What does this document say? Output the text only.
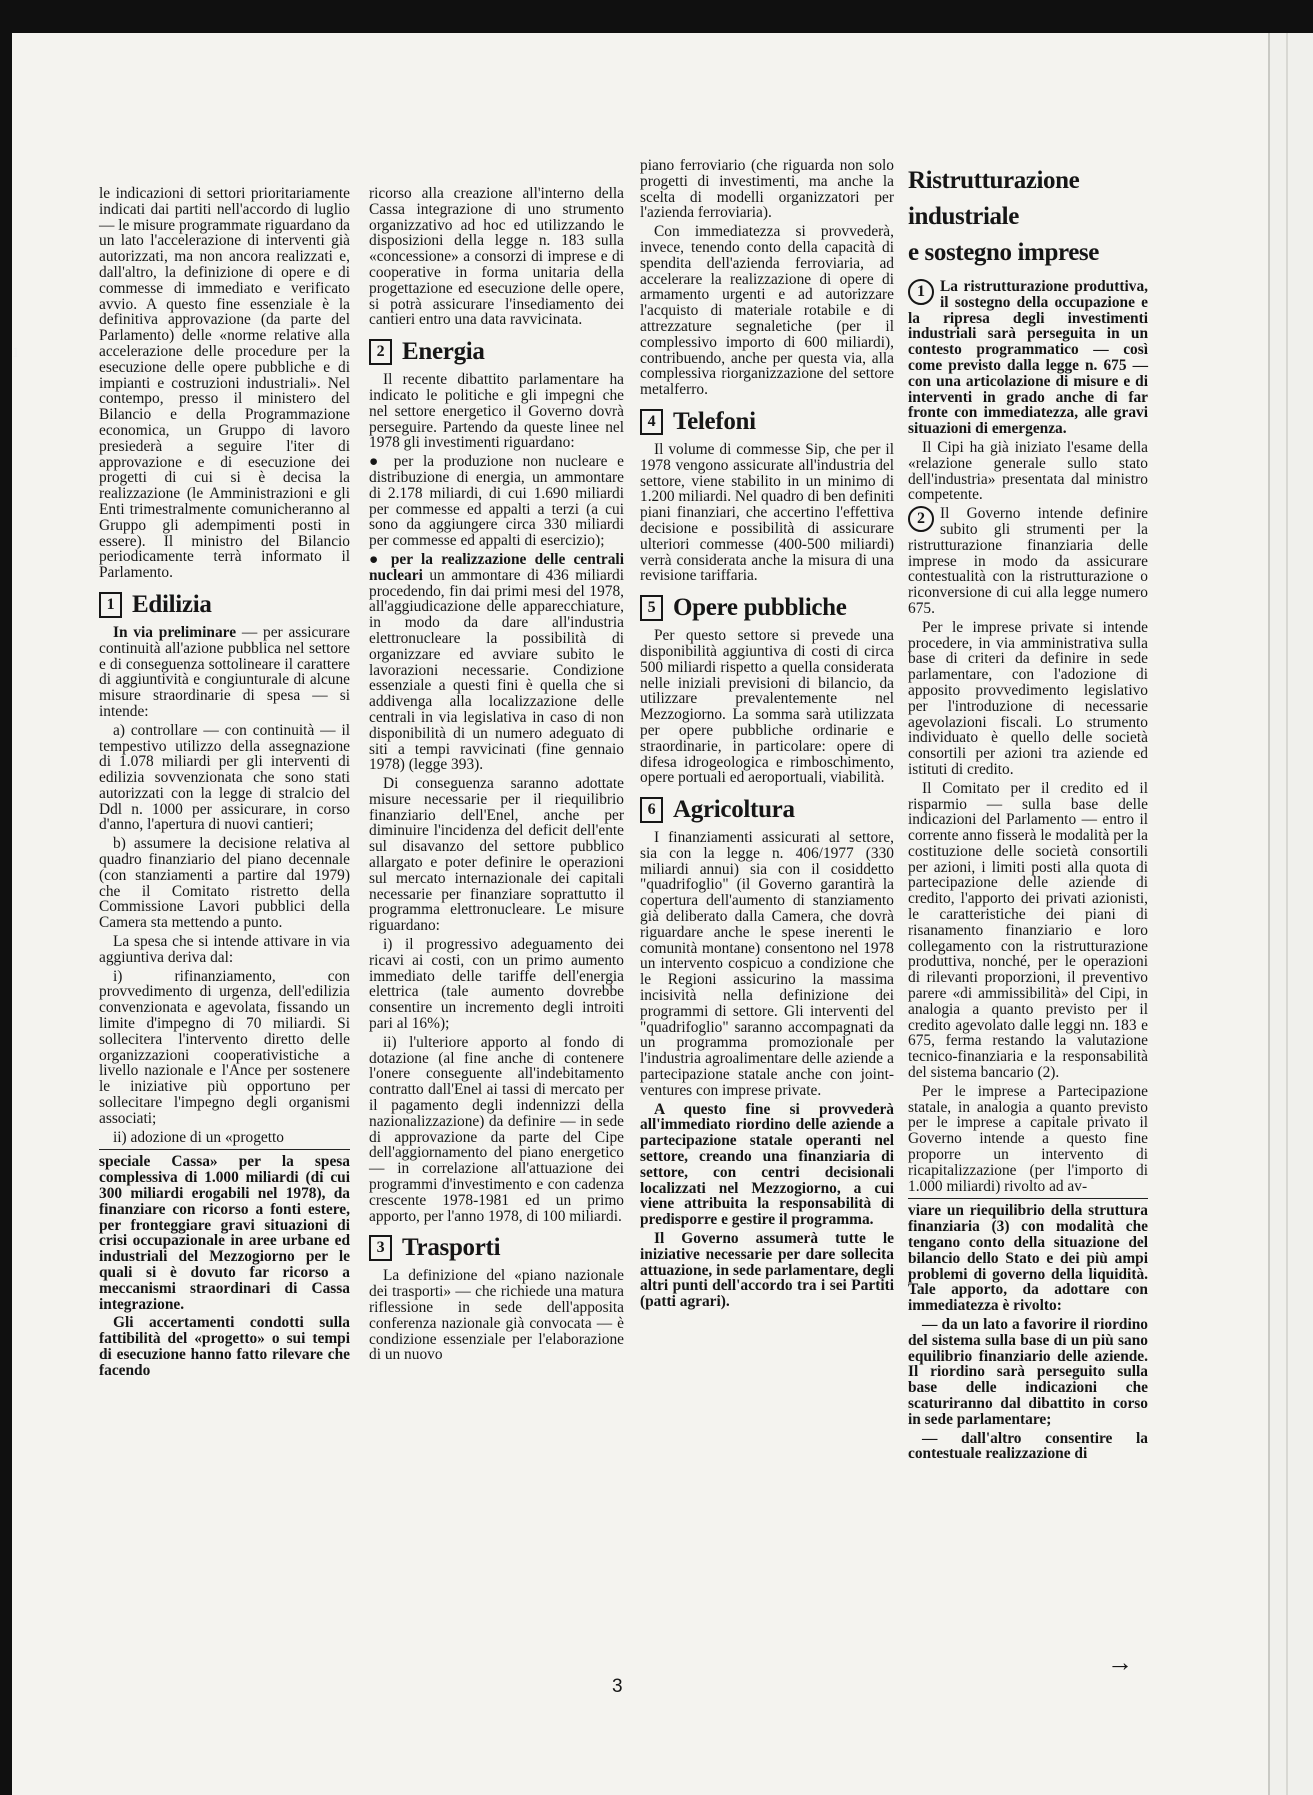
1

le indicazioni di settori prioritariamente indicati dai partiti nell'accordo di luglio — le misure programmate riguardano da un lato l'accelerazione di interventi già autorizzati, ma non ancora realizzati e, dall'altro, la definizione di opere e di commesse di immediato e verificato avvio. A questo fine essenziale è la definitiva approvazione (da parte del Parlamento) delle «norme relative alla accelerazione delle procedure per la esecuzione delle opere pubbliche e di impianti e costruzioni industriali». Nel contempo, presso il ministero del Bilancio e della Programmazione economica, un Gruppo di lavoro presiederà a seguire l'iter di approvazione e di esecuzione dei progetti di cui si è decisa la realizzazione (le Amministrazioni e gli Enti trimestralmente comunicheranno al Gruppo gli adempimenti posti in essere). Il ministro del Bilancio periodicamente terrà informato il Parlamento.

1 Edilizia

In via preliminare — per assicurare continuità all'azione pubblica nel settore e di conseguenza sottolineare il carattere di aggiuntività e congiunturale di alcune misure straordinarie di spesa — si intende:

a) controllare — con continuità — il tempestivo utilizzo della assegnazione di 1.078 miliardi per gli interventi di edilizia sovvenzionata che sono stati autorizzati con la legge di stralcio del Ddl n. 1000 per assicurare, in corso d'anno, l'apertura di nuovi cantieri;

b) assumere la decisione relativa al quadro finanziario del piano decennale (con stanziamenti a partire dal 1979) che il Comitato ristretto della Commissione Lavori pubblici della Camera sta mettendo a punto.

La spesa che si intende attivare in via aggiuntiva deriva dal:

i) rifinanziamento, con provvedimento di urgenza, dell'edilizia convenzionata e agevolata, fissando un limite d'impegno di 70 miliardi. Si sollecitera l'intervento diretto delle organizzazioni cooperativistiche a livello nazionale e l'Ance per sostenere le iniziative più opportuno per sollecitare l'impegno degli organismi associati;

ii) adozione di un «progetto

speciale Cassa» per la spesa complessiva di 1.000 miliardi (di cui 300 miliardi erogabili nel 1978), da finanziare con ricorso a fonti estere, per fronteggiare gravi situazioni di crisi occupazionale in aree urbane ed industriali del Mezzogiorno per le quali si è dovuto far ricorso a meccanismi straordinari di Cassa integrazione.

Gli accertamenti condotti sulla fattibilità del «progetto» o sui tempi di esecuzione hanno fatto rilevare che facendo

ricorso alla creazione all'interno della Cassa integrazione di uno strumento organizzativo ad hoc ed utilizzando le disposizioni della legge n. 183 sulla «concessione» a consorzi di imprese e di cooperative in forma unitaria della progettazione ed esecuzione delle opere, si potrà assicurare l'insediamento dei cantieri entro una data ravvicinata.

2 Energia

Il recente dibattito parlamentare ha indicato le politiche e gli impegni che nel settore energetico il Governo dovrà perseguire. Partendo da queste linee nel 1978 gli investimenti riguardano:

● per la produzione non nucleare e distribuzione di energia, un ammontare di 2.178 miliardi, di cui 1.690 miliardi per commesse ed appalti a terzi (a cui sono da aggiungere circa 330 miliardi per commesse ed appalti di esercizio);

● per la realizzazione delle centrali nucleari un ammontare di 436 miliardi procedendo, fin dai primi mesi del 1978, all'aggiudicazione delle apparecchiature, in modo da dare all'industria elettronucleare la possibilità di organizzare ed avviare subito le lavorazioni necessarie. Condizione essenziale a questi fini è quella che si addivenga alla localizzazione delle centrali in via legislativa in caso di non disponibilità di un numero adeguato di siti a tempi ravvicinati (fine gennaio 1978) (legge 393).

Di conseguenza saranno adottate misure necessarie per il riequilibrio finanziario dell'Enel, anche per diminuire l'incidenza del deficit dell'ente sul disavanzo del settore pubblico allargato e poter definire le operazioni sul mercato internazionale dei capitali necessarie per finanziare soprattutto il programma elettronucleare. Le misure riguardano:

i) il progressivo adeguamento dei ricavi ai costi, con un primo aumento immediato delle tariffe dell'energia elettrica (tale aumento dovrebbe consentire un incremento degli introiti pari al 16%);

ii) l'ulteriore apporto al fondo di dotazione (al fine anche di contenere l'onere conseguente all'indebitamento contratto dall'Enel ai tassi di mercato per il pagamento degli indennizzi della nazionalizzazione) da definire — in sede di approvazione da parte del Cipe dell'aggiornamento del piano energetico — in correlazione all'attuazione dei programmi d'investimento e con cadenza crescente 1978-1981 ed un primo apporto, per l'anno 1978, di 100 miliardi.

3 Trasporti

La definizione del «piano nazionale dei trasporti» — che richiede una matura riflessione in sede dell'apposita conferenza nazionale già convocata — è condizione essenziale per l'elaborazione di un nuovo

piano ferroviario (che riguarda non solo progetti di investimenti, ma anche la scelta di modelli organizzatori per l'azienda ferroviaria).

Con immediatezza si provvederà, invece, tenendo conto della capacità di spendita dell'azienda ferroviaria, ad accelerare la realizzazione di opere di armamento urgenti e ad autorizzare l'acquisto di materiale rotabile e di attrezzature segnaletiche (per il complessivo importo di 600 miliardi), contribuendo, anche per questa via, alla complessiva riorganizzazione del settore metalferro.

4 Telefoni

Il volume di commesse Sip, che per il 1978 vengono assicurate all'industria del settore, viene stabilito in un minimo di 1.200 miliardi. Nel quadro di ben definiti piani finanziari, che accertino l'effettiva decisione e possibilità di assicurare ulteriori commesse (400-500 miliardi) verrà considerata anche la misura di una revisione tariffaria.

5 Opere pubbliche

Per questo settore si prevede una disponibilità aggiuntiva di costi di circa 500 miliardi rispetto a quella considerata nelle iniziali previsioni di bilancio, da utilizzare prevalentemente nel Mezzogiorno. La somma sarà utilizzata per opere pubbliche ordinarie e straordinarie, in particolare: opere di difesa idrogeologica e rimboschimento, opere portuali ed aeroportuali, viabilità.

6 Agricoltura

I finanziamenti assicurati al settore, sia con la legge n. 406/1977 (330 miliardi annui) sia con il cosiddetto "quadrifoglio" (il Governo garantirà la copertura dell'aumento di stanziamento già deliberato dalla Camera, che dovrà riguardare anche le spese inerenti le comunità montane) consentono nel 1978 un intervento cospicuo a condizione che le Regioni assicurino la massima incisività nella definizione dei programmi di settore. Gli interventi del "quadrifoglio" saranno accompagnati da un programma promozionale per l'industria agroalimentare delle aziende a partecipazione statale anche con joint-ventures con imprese private.

A questo fine si provvederà all'immediato riordino delle aziende a partecipazione statale operanti nel settore, creando una finanziaria di settore, con centri decisionali localizzati nel Mezzogiorno, a cui viene attribuita la responsabilità di predisporre e gestire il programma.

Il Governo assumerà tutte le iniziative necessarie per dare sollecita attuazione, in sede parlamentare, degli altri punti dell'accordo tra i sei Partiti (patti agrari).

Ristrutturazione
industriale
e sostegno imprese

1 La ristrutturazione produttiva, il sostegno della occupazione e la ripresa degli investimenti industriali sarà perseguita in un contesto programmatico — così come previsto dalla legge n. 675 — con una articolazione di misure e di interventi in grado anche di far fronte con immediatezza, alle gravi situazioni di emergenza.

Il Cipi ha già iniziato l'esame della «relazione generale sullo stato dell'industria» presentata dal ministro competente.

2 Il Governo intende definire subito gli strumenti per la ristrutturazione finanziaria delle imprese in modo da assicurare contestualità con la ristrutturazione o riconversione di cui alla legge numero 675.

Per le imprese private si intende procedere, in via amministrativa sulla base di criteri da definire in sede parlamentare, con l'adozione di apposito provvedimento legislativo per l'introduzione di necessarie agevolazioni fiscali. Lo strumento individuato è quello delle società consortili per azioni tra aziende ed istituti di credito.

Il Comitato per il credito ed il risparmio — sulla base delle indicazioni del Parlamento — entro il corrente anno fisserà le modalità per la costituzione delle società consortili per azioni, i limiti posti alla quota di partecipazione delle aziende di credito, l'apporto dei privati azionisti, le caratteristiche dei piani di risanamento finanziario e loro collegamento con la ristrutturazione produttiva, nonché, per le operazioni di rilevanti proporzioni, il preventivo parere «di ammissibilità» del Cipi, in analogia a quanto previsto per il credito agevolato dalle leggi nn. 183 e 675, ferma restando la valutazione tecnico-finanziaria e la responsabilità del sistema bancario (2).

Per le imprese a Partecipazione statale, in analogia a quanto previsto per le imprese a capitale privato il Governo intende a questo fine proporre un intervento di ricapitalizzazione (per l'importo di 1.000 miliardi) rivolto ad av-

viare un riequilibrio della struttura finanziaria (3) con modalità che tengano conto della situazione del bilancio dello Stato e dei più ampi problemi di governo della liquidità. Tale apporto, da adottare con immediatezza è rivolto:

— da un lato a favorire il riordino del sistema sulla base di un più sano equilibrio finanziario delle aziende. Il riordino sarà perseguito sulla base delle indicazioni che scaturiranno dal dibattito in corso in sede parlamentare;

— dall'altro consentire la contestuale realizzazione di

→
3
